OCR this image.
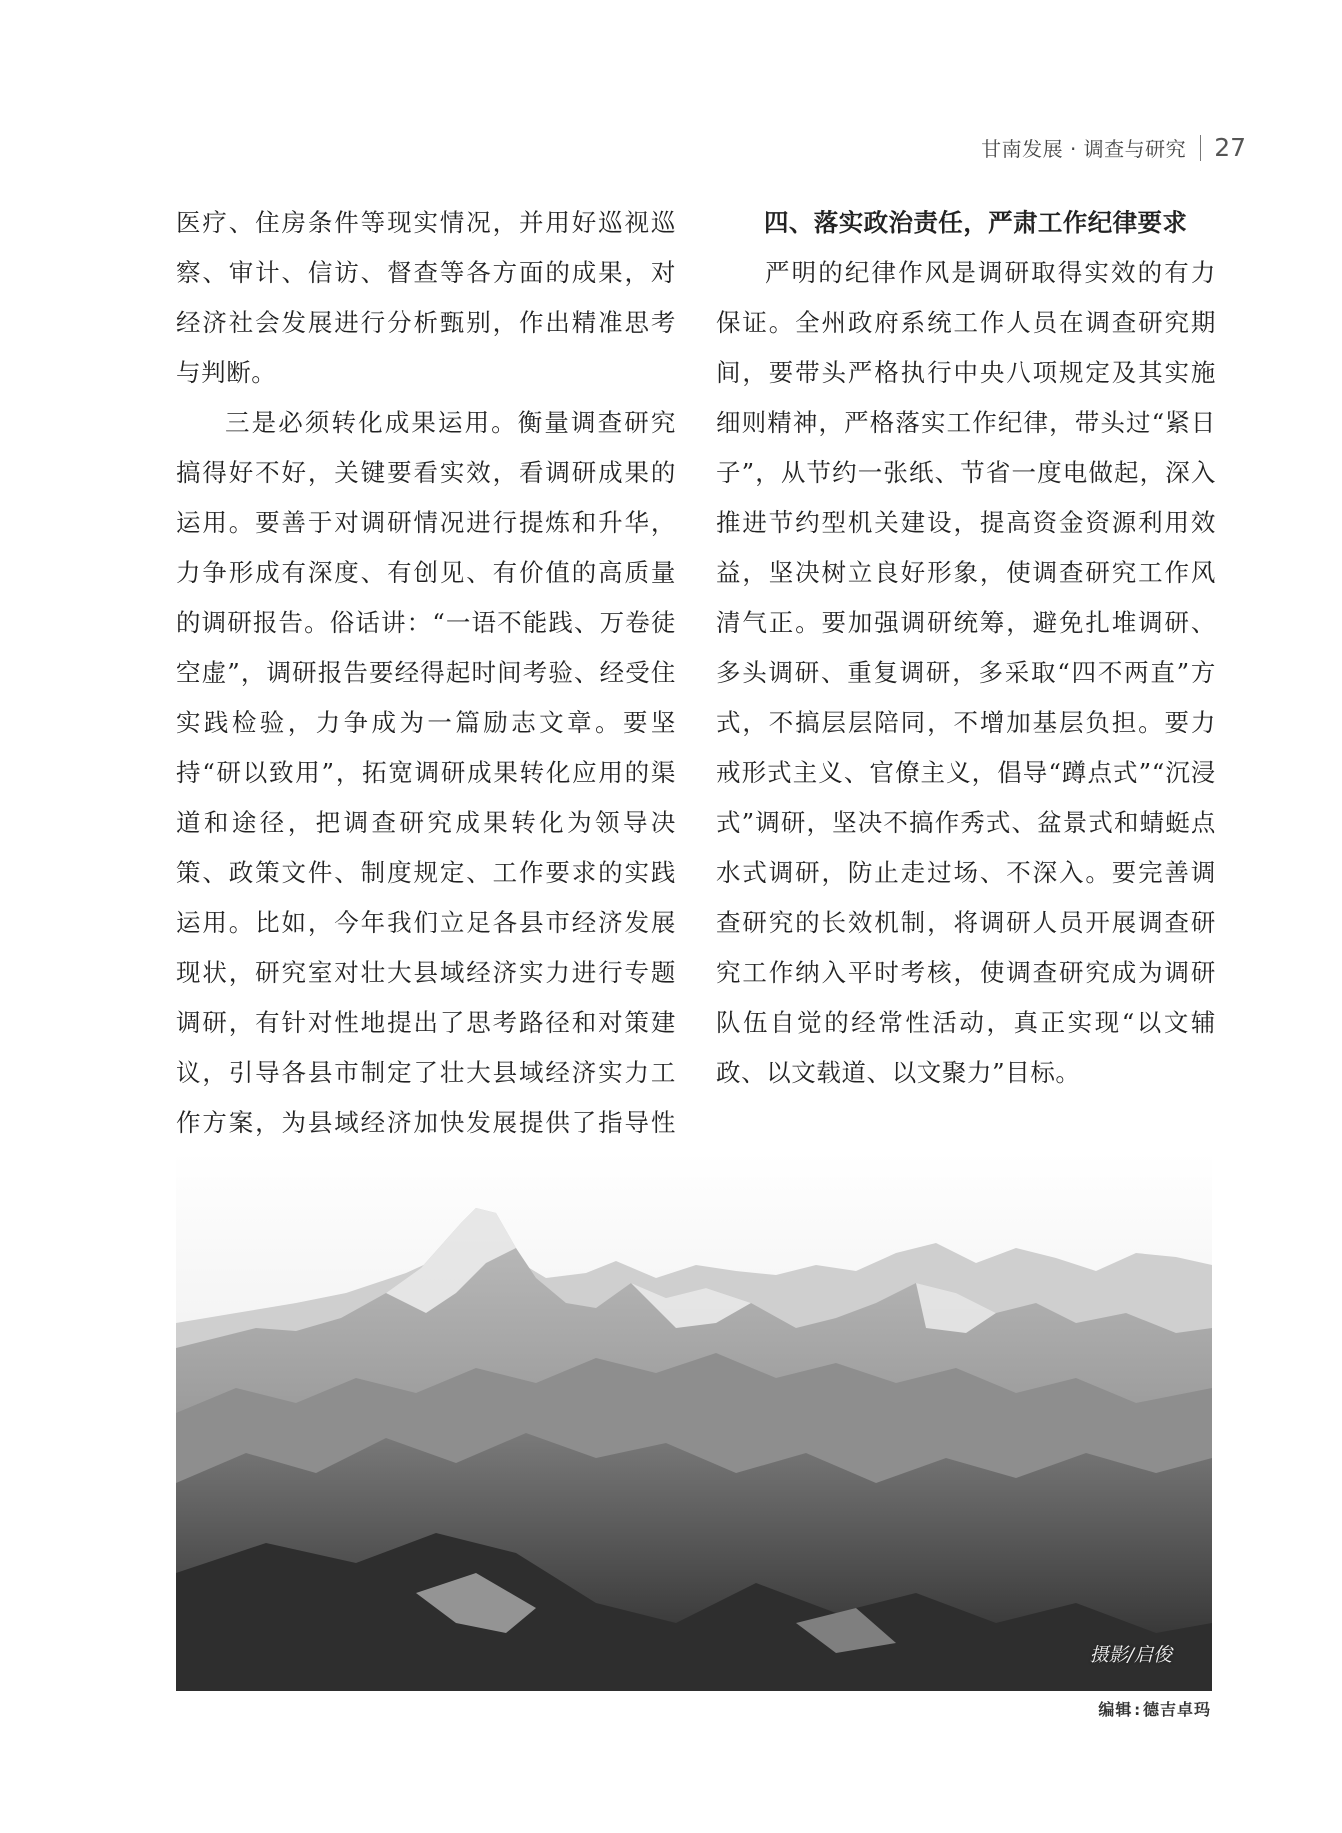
甘南发展 · 调查与研究 27

医疗、住房条件等现实情况，并用好巡视巡察、审计、信访、督查等各方面的成果，对经济社会发展进行分析甄别，作出精准思考与判断。

三是必须转化成果运用。衡量调查研究搞得好不好，关键要看实效，看调研成果的运用。要善于对调研情况进行提炼和升华，力争形成有深度、有创见、有价值的高质量的调研报告。俗话讲：“一语不能践、万卷徒空虚”，调研报告要经得起时间考验、经受住实践检验，力争成为一篇励志文章。要坚持“研以致用”，拓宽调研成果转化应用的渠道和途径，把调查研究成果转化为领导决策、政策文件、制度规定、工作要求的实践运用。比如，今年我们立足各县市经济发展现状，研究室对壮大县域经济实力进行专题调研，有针对性地提出了思考路径和对策建议，引导各县市制定了壮大县域经济实力工作方案，为县域经济加快发展提供了指导性

四、落实政治责任，严肃工作纪律要求

严明的纪律作风是调研取得实效的有力保证。全州政府系统工作人员在调查研究期间，要带头严格执行中央八项规定及其实施细则精神，严格落实工作纪律，带头过“紧日子”，从节约一张纸、节省一度电做起，深入推进节约型机关建设，提高资金资源利用效益，坚决树立良好形象，使调查研究工作风清气正。要加强调研统筹，避免扎堆调研、多头调研、重复调研，多采取“四不两直”方式，不搞层层陪同，不增加基层负担。要力戒形式主义、官僚主义，倡导“蹲点式”“沉浸式”调研，坚决不搞作秀式、盆景式和蜻蜓点水式调研，防止走过场、不深入。要完善调查研究的长效机制，将调研人员开展调查研究工作纳入平时考核，使调查研究成为调研队伍自觉的经常性活动，真正实现“以文辅政、以文载道、以文聚力”目标。

摄影/启俊
编辑:德吉卓玛
